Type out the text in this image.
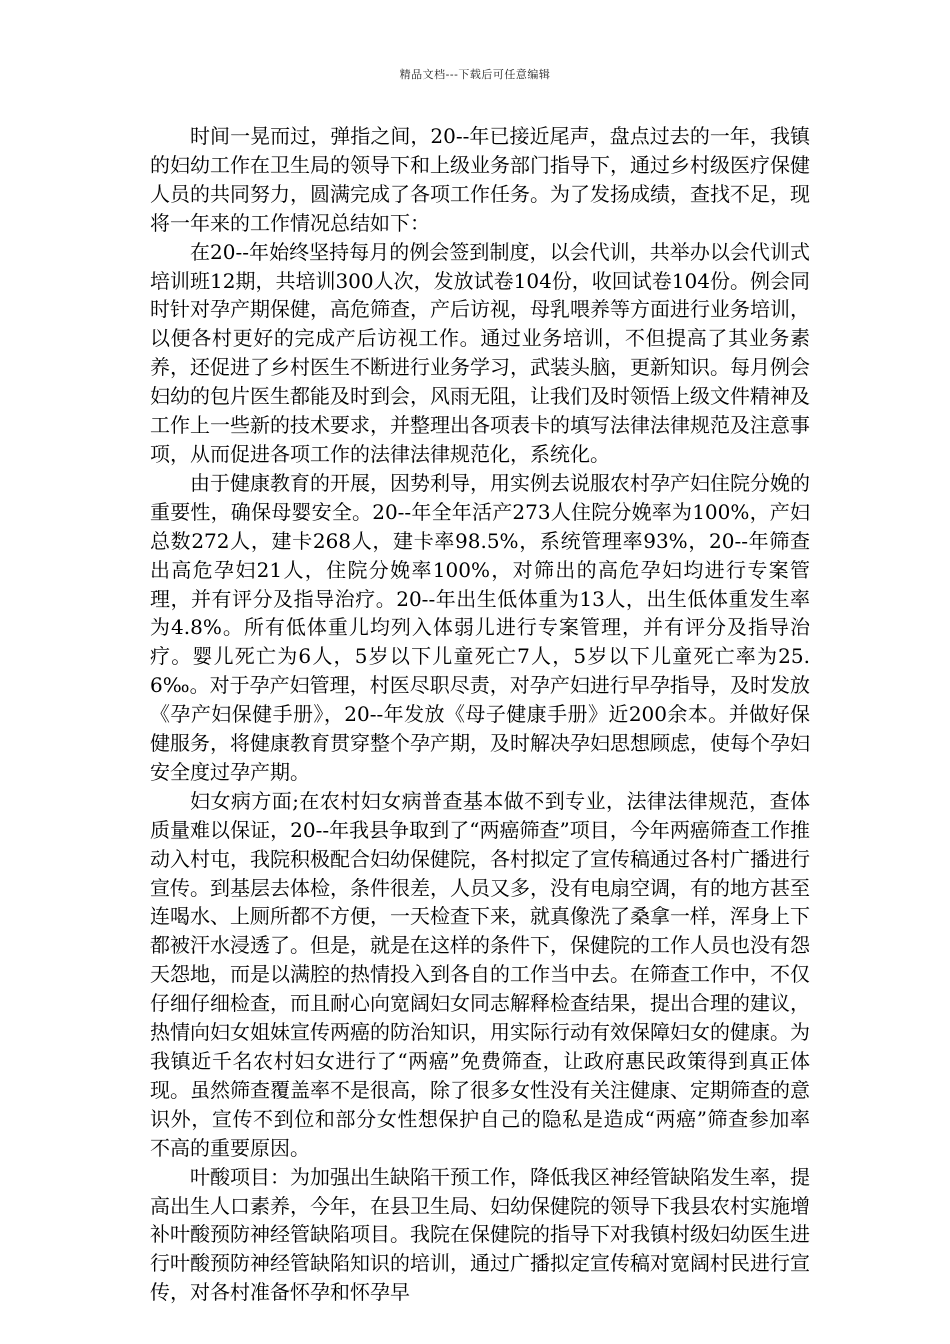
精品文档---下载后可任意编辑

时间一晃而过，弹指之间，20--年已接近尾声，盘点过去的一年，我镇的妇幼工作在卫生局的领导下和上级业务部门指导下，通过乡村级医疗保健人员的共同努力，圆满完成了各项工作任务。为了发扬成绩，查找不足，现将一年来的工作情况总结如下：

在20--年始终坚持每月的例会签到制度，以会代训，共举办以会代训式培训班12期，共培训300人次，发放试卷104份，收回试卷104份。例会同时针对孕产期保健，高危筛查，产后访视，母乳喂养等方面进行业务培训，以便各村更好的完成产后访视工作。通过业务培训，不但提高了其业务素养，还促进了乡村医生不断进行业务学习，武装头脑，更新知识。每月例会妇幼的包片医生都能及时到会，风雨无阻，让我们及时领悟上级文件精神及工作上一些新的技术要求，并整理出各项表卡的填写法律法律规范及注意事项，从而促进各项工作的法律法律规范化，系统化。

由于健康教育的开展，因势利导，用实例去说服农村孕产妇住院分娩的重要性，确保母婴安全。20--年全年活产273人住院分娩率为100%，产妇总数272人，建卡268人，建卡率98.5%，系统管理率93%，20--年筛查出高危孕妇21人，住院分娩率100%，对筛出的高危孕妇均进行专案管理，并有评分及指导治疗。20--年出生低体重为13人，出生低体重发生率为4.8%。所有低体重儿均列入体弱儿进行专案管理，并有评分及指导治疗。婴儿死亡为6人，5岁以下儿童死亡7人，5岁以下儿童死亡率为25.6‰。对于孕产妇管理，村医尽职尽责，对孕产妇进行早孕指导，及时发放《孕产妇保健手册》，20--年发放《母子健康手册》近200余本。并做好保健服务，将健康教育贯穿整个孕产期，及时解决孕妇思想顾虑，使每个孕妇安全度过孕产期。

妇女病方面;在农村妇女病普查基本做不到专业，法律法律规范，查体质量难以保证，20--年我县争取到了“两癌筛查”项目，今年两癌筛查工作推动入村屯，我院积极配合妇幼保健院，各村拟定了宣传稿通过各村广播进行宣传。到基层去体检，条件很差，人员又多，没有电扇空调，有的地方甚至连喝水、上厕所都不方便，一天检查下来，就真像洗了桑拿一样，浑身上下都被汗水浸透了。但是，就是在这样的条件下，保健院的工作人员也没有怨天怨地，而是以满腔的热情投入到各自的工作当中去。在筛查工作中，不仅仔细仔细检查，而且耐心向宽阔妇女同志解释检查结果，提出合理的建议，热情向妇女姐妹宣传两癌的防治知识，用实际行动有效保障妇女的健康。为我镇近千名农村妇女进行了“两癌”免费筛查，让政府惠民政策得到真正体现。虽然筛查覆盖率不是很高，除了很多女性没有关注健康、定期筛查的意识外，宣传不到位和部分女性想保护自己的隐私是造成“两癌”筛查参加率不高的重要原因。

叶酸项目：为加强出生缺陷干预工作，降低我区神经管缺陷发生率，提高出生人口素养，今年，在县卫生局、妇幼保健院的领导下我县农村实施增补叶酸预防神经管缺陷项目。我院在保健院的指导下对我镇村级妇幼医生进行叶酸预防神经管缺陷知识的培训，通过广播拟定宣传稿对宽阔村民进行宣传，对各村准备怀孕和怀孕早
